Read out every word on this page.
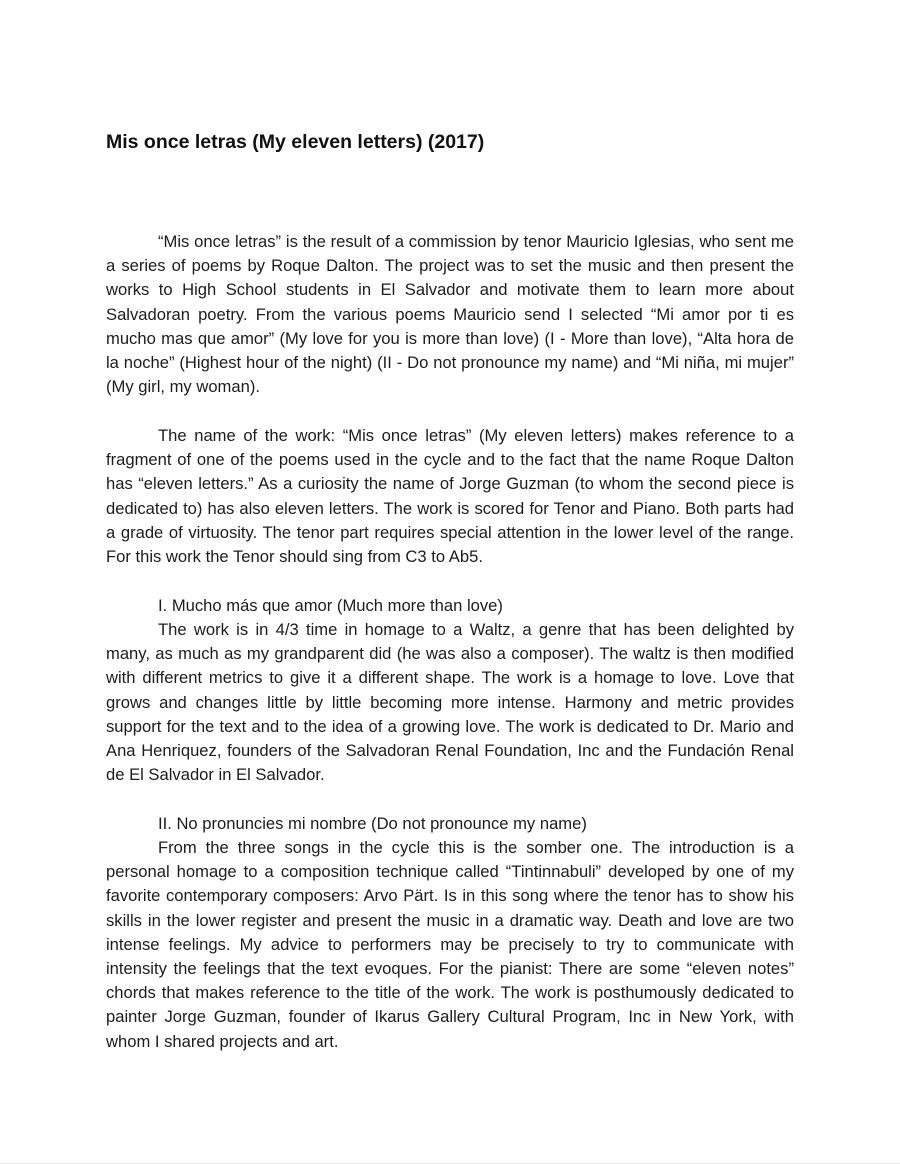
Mis once letras (My eleven letters) (2017)

“Mis once letras” is the result of a commission by tenor Mauricio Iglesias, who sent me a series of poems by Roque Dalton. The project was to set the music and then present the works to High School students in El Salvador and motivate them to learn more about Salvadoran poetry. From the various poems Mauricio send I selected “Mi amor por ti es mucho mas que amor” (My love for you is more than love) (I - More than love), “Alta hora de la noche” (Highest hour of the night) (II - Do not pronounce my name) and “Mi niña, mi mujer” (My girl, my woman).

The name of the work: “Mis once letras” (My eleven letters) makes reference to a fragment of one of the poems used in the cycle and to the fact that the name Roque Dalton has “eleven letters.” As a curiosity the name of Jorge Guzman (to whom the second piece is dedicated to) has also eleven letters. The work is scored for Tenor and Piano. Both parts had a grade of virtuosity. The tenor part requires special attention in the lower level of the range. For this work the Tenor should sing from C3 to Ab5.

I. Mucho más que amor (Much more than love)

The work is in 4/3 time in homage to a Waltz, a genre that has been delighted by many, as much as my grandparent did (he was also a composer). The waltz is then modified with different metrics to give it a different shape. The work is a homage to love. Love that grows and changes little by little becoming more intense. Harmony and metric provides support for the text and to the idea of a growing love. The work is dedicated to Dr. Mario and Ana Henriquez, founders of the Salvadoran Renal Foundation, Inc and the Fundación Renal de El Salvador in El Salvador.

II. No pronuncies mi nombre (Do not pronounce my name)

From the three songs in the cycle this is the somber one. The introduction is a personal homage to a composition technique called “Tintinnabuli” developed by one of my favorite contemporary composers: Arvo Pärt. Is in this song where the tenor has to show his skills in the lower register and present the music in a dramatic way. Death and love are two intense feelings. My advice to performers may be precisely to try to communicate with intensity the feelings that the text evoques. For the pianist: There are some “eleven notes” chords that makes reference to the title of the work. The work is posthumously dedicated to painter Jorge Guzman, founder of Ikarus Gallery Cultural Program, Inc in New York, with whom I shared projects and art.
